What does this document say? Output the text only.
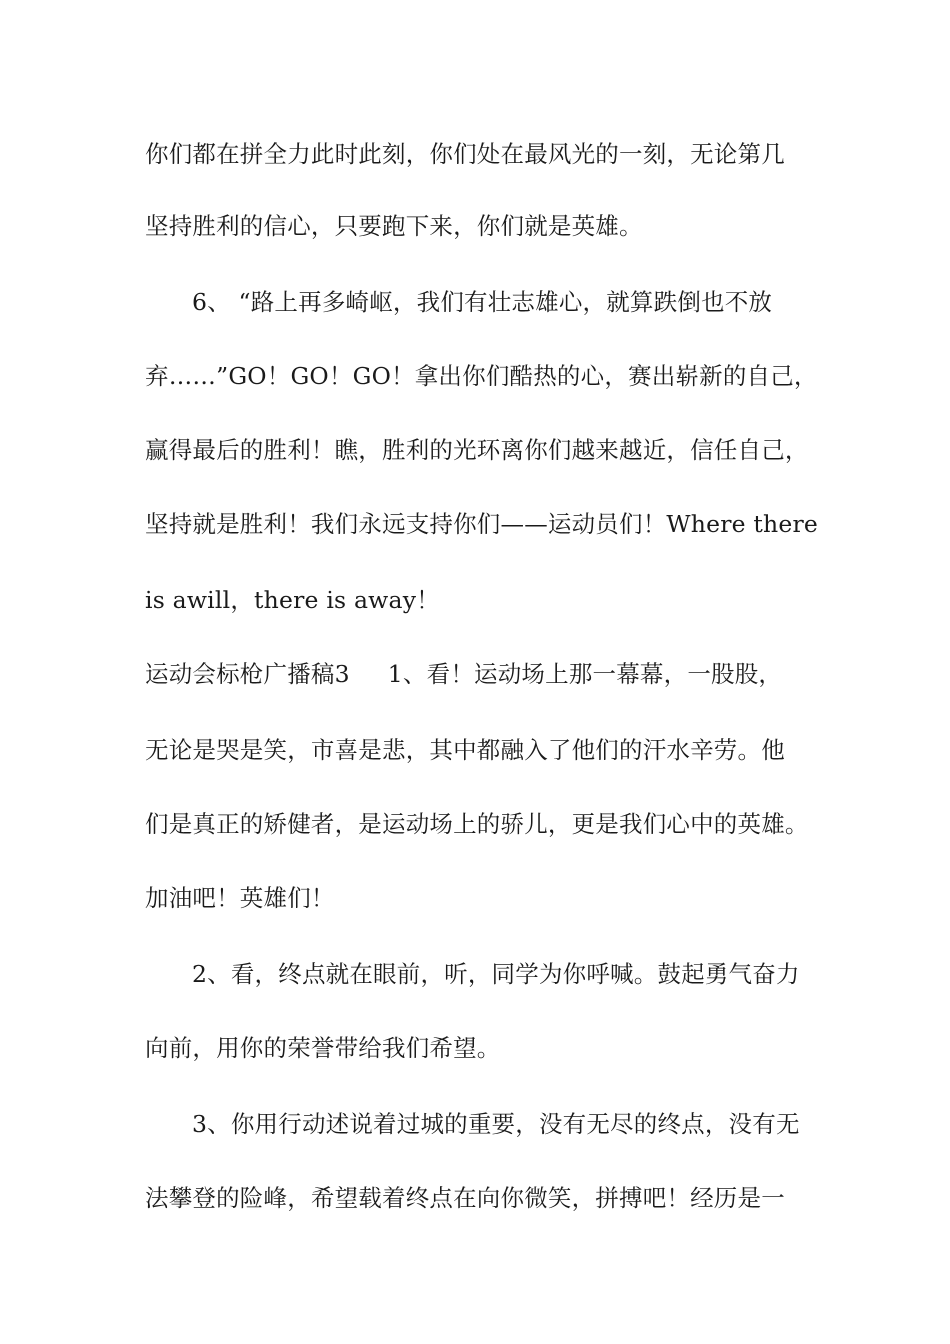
你们都在拼全力此时此刻，你们处在最风光的一刻，无论第几
坚持胜利的信心，只要跑下来，你们就是英雄。
6、 “路上再多崎岖，我们有壮志雄心，就算跌倒也不放
弃……”GO！GO！GO！拿出你们酷热的心，赛出崭新的自己，
赢得最后的胜利！瞧，胜利的光环离你们越来越近，信任自己，
坚持就是胜利！我们永远支持你们——运动员们！Where there
is awill，there is away！
运动会标枪广播稿3 1、看！运动场上那一幕幕，一股股，
无论是哭是笑，市喜是悲，其中都融入了他们的汗水辛劳。他
们是真正的矫健者，是运动场上的骄儿，更是我们心中的英雄。
加油吧！英雄们！
2、看，终点就在眼前，听，同学为你呼喊。鼓起勇气奋力
向前，用你的荣誉带给我们希望。
3、你用行动述说着过城的重要，没有无尽的终点，没有无
法攀登的险峰，希望载着终点在向你微笑，拼搏吧！经历是一
